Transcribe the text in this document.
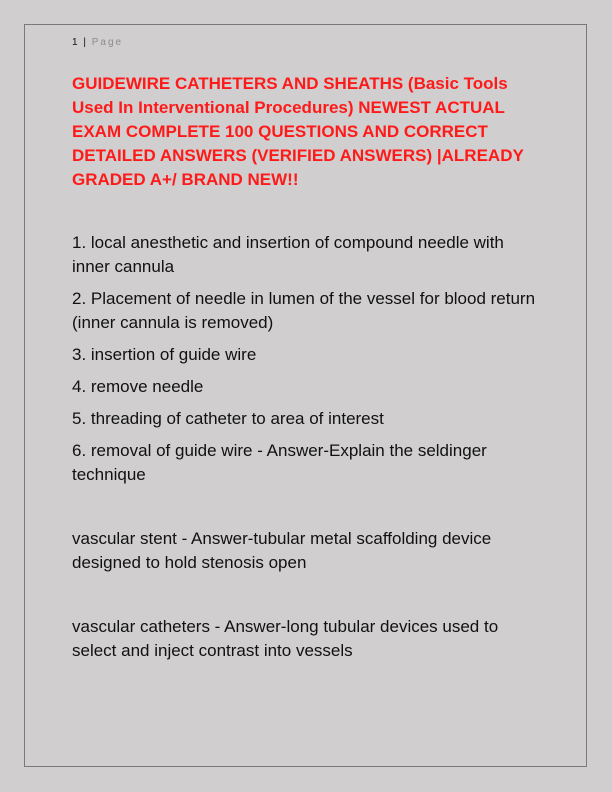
1 | Page
GUIDEWIRE CATHETERS AND SHEATHS (Basic Tools Used In Interventional Procedures) NEWEST ACTUAL EXAM COMPLETE 100 QUESTIONS AND CORRECT DETAILED ANSWERS (VERIFIED ANSWERS) |ALREADY GRADED A+/ BRAND NEW!!

1. local anesthetic and insertion of compound needle with inner cannula

2. Placement of needle in lumen of the vessel for blood return (inner cannula is removed)

3. insertion of guide wire

4. remove needle

5. threading of catheter to area of interest

6. removal of guide wire - Answer-Explain the seldinger technique

vascular stent - Answer-tubular metal scaffolding device designed to hold stenosis open

vascular catheters - Answer-long tubular devices used to select and inject contrast into vessels
